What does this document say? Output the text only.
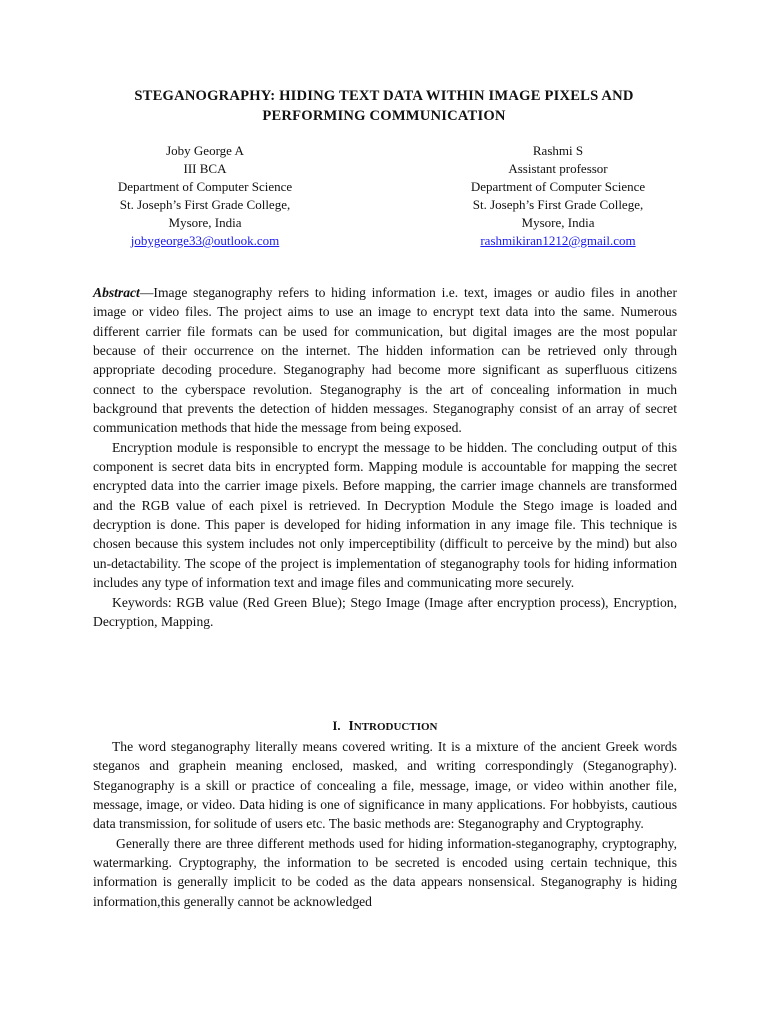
STEGANOGRAPHY: HIDING TEXT DATA WITHIN IMAGE PIXELS AND
PERFORMING COMMUNICATION
Joby George A
III BCA
Department of Computer Science
St. Joseph’s First Grade College,
Mysore, India
jobygeorge33@outlook.com
Rashmi S
Assistant professor
Department of Computer Science
St. Joseph’s First Grade College,
Mysore, India
rashmikiran1212@gmail.com

Abstract—Image steganography refers to hiding information i.e. text, images or audio files in another image or video files. The project aims to use an image to encrypt text data into the same. Numerous different carrier file formats can be used for communication, but digital images are the most popular because of their occurrence on the internet. The hidden information can be retrieved only through appropriate decoding procedure. Steganography had become more significant as superfluous citizens connect to the cyberspace revolution. Steganography is the art of concealing information in much background that prevents the detection of hidden messages. Steganography consist of an array of secret communication methods that hide the message from being exposed.

Encryption module is responsible to encrypt the message to be hidden. The concluding output of this component is secret data bits in encrypted form. Mapping module is accountable for mapping the secret encrypted data into the carrier image pixels. Before mapping, the carrier image channels are transformed and the RGB value of each pixel is retrieved. In Decryption Module the Stego image is loaded and decryption is done. This paper is developed for hiding information in any image file. This technique is chosen because this system includes not only imperceptibility (difficult to perceive by the mind) but also un-detactability. The scope of the project is implementation of steganography tools for hiding information includes any type of information text and image files and communicating more securely.

Keywords: RGB value (Red Green Blue); Stego Image (Image after encryption process), Encryption, Decryption, Mapping.

I. INTRODUCTION

The word steganography literally means covered writing. It is a mixture of the ancient Greek words steganos and graphein meaning enclosed, masked, and writing correspondingly (Steganography). Steganography is a skill or practice of concealing a file, message, image, or video within another file, message, image, or video. Data hiding is one of significance in many applications. For hobbyists, cautious data transmission, for solitude of users etc. The basic methods are: Steganography and Cryptography.

Generally there are three different methods used for hiding information-steganography, cryptography, watermarking. Cryptography, the information to be secreted is encoded using certain technique, this information is generally implicit to be coded as the data appears nonsensical. Steganography is hiding information,this generally cannot be acknowledged
